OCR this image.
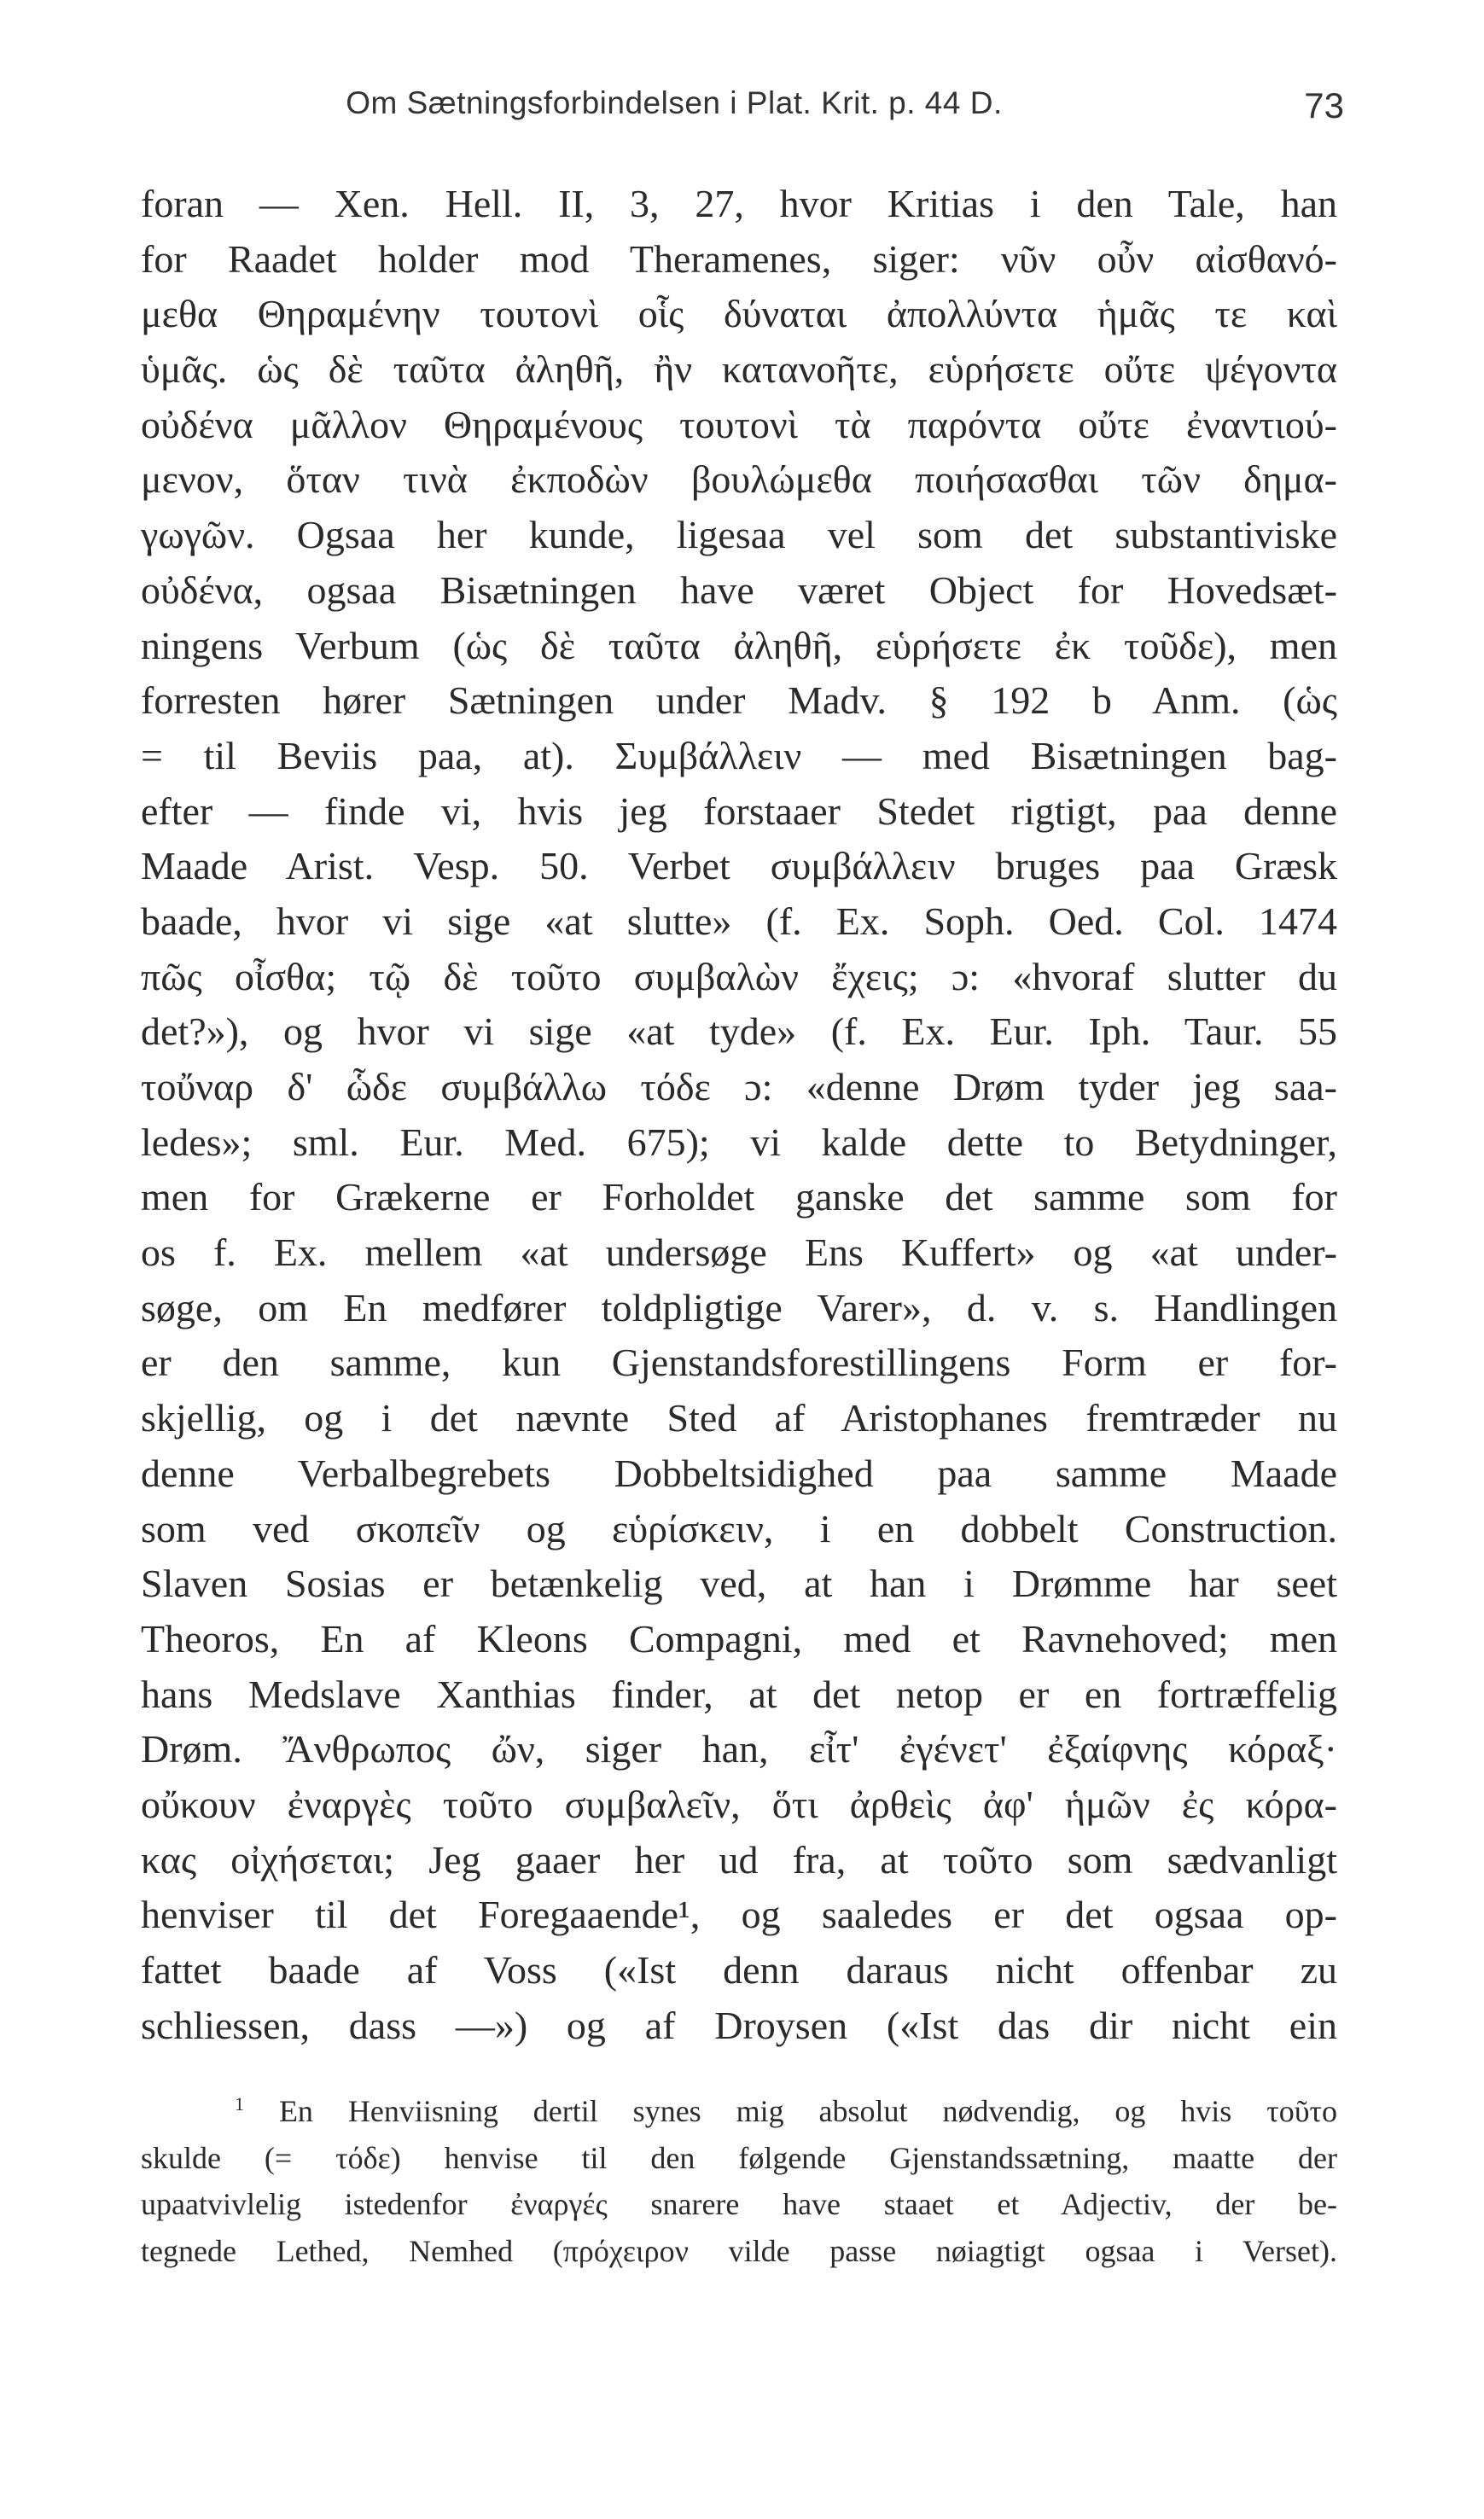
Om Sætningsforbindelsen i Plat. Krit. p. 44 D.	73
foran — Xen. Hell. II, 3, 27, hvor Kritias i den Tale, han
for Raadet holder mod Theramenes, siger: νῦν οὖν αἰσθανό-
μεθα Θηραμένην τουτονὶ οἷς δύναται ἀπολλύντα ἡμᾶς τε καὶ
ὑμᾶς. ὡς δὲ ταῦτα ἀληθῆ, ἢν κατανοῆτε, εὑρήσετε οὔτε ψέγοντα
οὐδένα μᾶλλον Θηραμένους τουτονὶ τὰ παρόντα οὔτε ἐναντιού-
μενον, ὅταν τινὰ ἐκποδὼν βουλώμεθα ποιήσασθαι τῶν δημα-
γωγῶν. Ogsaa her kunde, ligesaa vel som det substantiviske
οὐδένα, ogsaa Bisætningen have været Object for Hovedsæt-
ningens Verbum (ὡς δὲ ταῦτα ἀληθῆ, εὑρήσετε ἐκ τοῦδε), men
forresten hører Sætningen under Madv. § 192 b Anm. (ὡς
= til Beviis paa, at). Συμβάλλειν — med Bisætningen bag-
efter — finde vi, hvis jeg forstaaer Stedet rigtigt, paa denne
Maade Arist. Vesp. 50. Verbet συμβάλλειν bruges paa Græsk
baade, hvor vi sige «at slutte» (f. Ex. Soph. Oed. Col. 1474
πῶς οἶσθα; τῷ δὲ τοῦτο συμβαλὼν ἔχεις; ɔ: «hvoraf slutter du
det?»), og hvor vi sige «at tyde» (f. Ex. Eur. Iph. Taur. 55
τοὔναρ δ' ὧδε συμβάλλω τόδε ɔ: «denne Drøm tyder jeg saa-
ledes»; sml. Eur. Med. 675); vi kalde dette to Betydninger,
men for Grækerne er Forholdet ganske det samme som for
os f. Ex. mellem «at undersøge Ens Kuffert» og «at under-
søge, om En medfører toldpligtige Varer», d. v. s. Handlingen
er den samme, kun Gjenstandsforestillingens Form er for-
skjellig, og i det nævnte Sted af Aristophanes fremtræder nu
denne Verbalbegrebets Dobbeltsidighed paa samme Maade
som ved σκοπεῖν og εὑρίσκειν, i en dobbelt Construction.
Slaven Sosias er betænkelig ved, at han i Drømme har seet
Theoros, En af Kleons Compagni, med et Ravnehoved; men
hans Medslave Xanthias finder, at det netop er en fortræffelig
Drøm. Ἄνθρωπος ὤν, siger han, εἶτ' ἐγένετ' ἐξαίφνης κόραξ·
οὔκουν ἐναργὲς τοῦτο συμβαλεῖν, ὅτι ἀρθεὶς ἀφ' ἡμῶν ἐς κόρα-
κας οἰχήσεται; Jeg gaaer her ud fra, at τοῦτο som sædvanligt
henviser til det Foregaaende¹, og saaledes er det ogsaa op-
fattet baade af Voss («Ist denn daraus nicht offenbar zu
schliessen, dass —») og af Droysen («Ist das dir nicht ein
$^1$ En Henviisning dertil synes mig absolut nødvendig, og hvis τοῦτο
skulde (= τόδε) henvise til den følgende Gjenstandssætning, maatte der
upaatvivlelig istedenfor ἐναργές snarere have staaet et Adjectiv, der be-
tegnede Lethed, Nemhed (πρόχειρον vilde passe nøiagtigt ogsaa i Verset).
